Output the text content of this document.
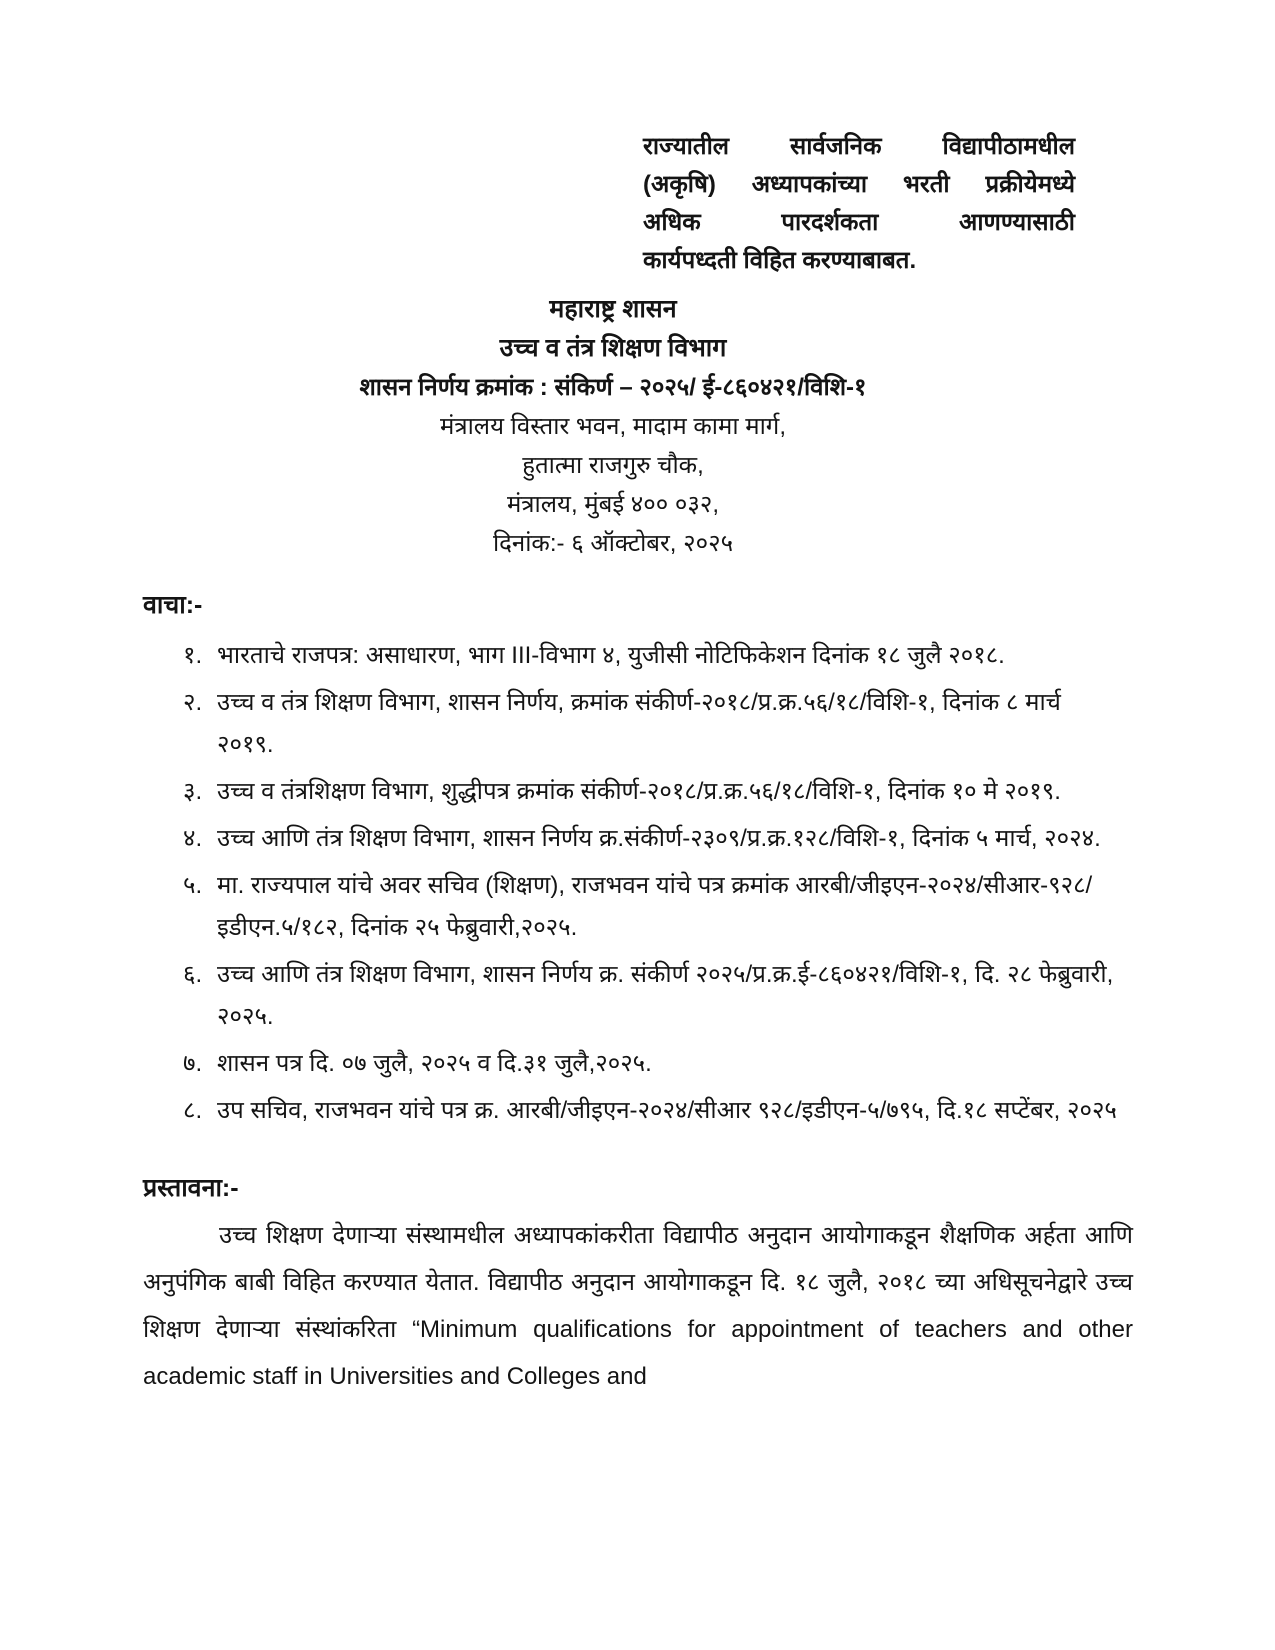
राज्यातील सार्वजनिक विद्यापीठामधील
(अकृषि) अध्यापकांच्या भरती प्रक्रीयेमध्ये
अधिक पारदर्शकता आणण्यासाठी
कार्यपध्दती विहित करण्याबाबत.
महाराष्ट्र शासन
उच्च व तंत्र शिक्षण विभाग
शासन निर्णय क्रमांक : संकिर्ण – २०२५/ ई-८६०४२१/विशि-१
मंत्रालय विस्तार भवन, मादाम कामा मार्ग,
हुतात्मा राजगुरु चौक,
मंत्रालय, मुंबई ४०० ०३२,
दिनांक:- ६ ऑक्टोबर, २०२५
वाचा:-
१. भारताचे राजपत्र: असाधारण, भाग III-विभाग ४, युजीसी नोटिफिकेशन दिनांक १८ जुलै २०१८.
२. उच्च व तंत्र शिक्षण विभाग, शासन निर्णय, क्रमांक संकीर्ण-२०१८/प्र.क्र.५६/१८/विशि-१, दिनांक ८ मार्च २०१९.
३. उच्च व तंत्रशिक्षण विभाग, शुद्धीपत्र क्रमांक संकीर्ण-२०१८/प्र.क्र.५६/१८/विशि-१, दिनांक १० मे २०१९.
४. उच्च आणि तंत्र शिक्षण विभाग, शासन निर्णय क्र.संकीर्ण-२३०९/प्र.क्र.१२८/विशि-१, दिनांक ५ मार्च, २०२४.
५. मा. राज्यपाल यांचे अवर सचिव (शिक्षण), राजभवन यांचे पत्र क्रमांक आरबी/जीइएन-२०२४/सीआर-९२८/इडीएन.५/१८२, दिनांक २५ फेब्रुवारी,२०२५.
६. उच्च आणि तंत्र शिक्षण विभाग, शासन निर्णय क्र. संकीर्ण २०२५/प्र.क्र.ई-८६०४२१/विशि-१, दि. २८ फेब्रुवारी, २०२५.
७. शासन पत्र दि. ०७ जुलै, २०२५ व दि.३१ जुलै,२०२५.
८. उप सचिव, राजभवन यांचे पत्र क्र. आरबी/जीइएन-२०२४/सीआर ९२८/इडीएन-५/७९५, दि.१८ सप्टेंबर, २०२५
प्रस्तावना:-
उच्च शिक्षण देणाऱ्या संस्थामधील अध्यापकांकरीता विद्यापीठ अनुदान आयोगाकडून शैक्षणिक अर्हता आणि अनुपंगिक बाबी विहित करण्यात येतात. विद्यापीठ अनुदान आयोगाकडून दि. १८ जुलै, २०१८ च्या अधिसूचनेद्वारे उच्च शिक्षण देणाऱ्या संस्थांकरिता “Minimum qualifications for appointment of teachers and other academic staff in Universities and Colleges and
